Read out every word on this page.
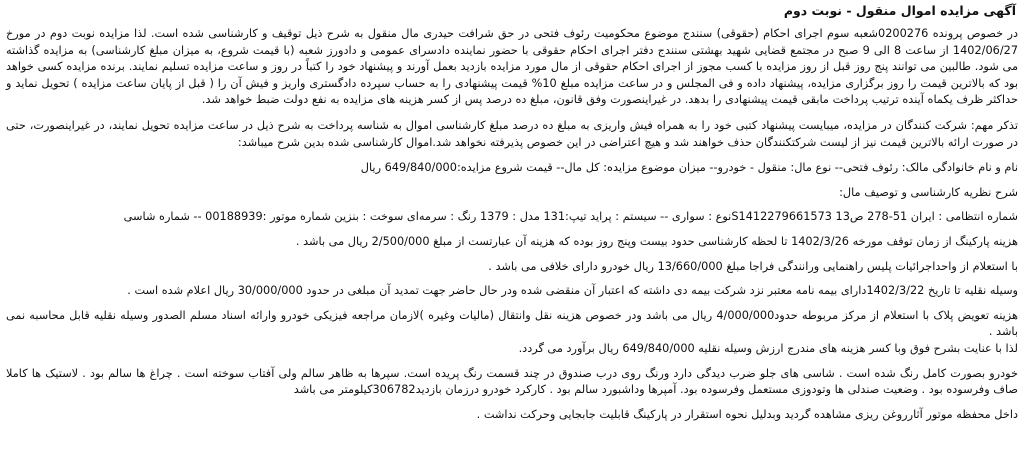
آگهی مزایده اموال منقول - نوبت دوم

در خصوص پرونده 0200276شعبه سوم اجرای احکام (حقوقی) سنندج موضوع محکومیت رئوف فتحی در حق شرافت حیدری مال منقول به شرح ذیل توقیف و کارشناسی شده است. لذا مزایده نوبت دوم در مورخ 1402/06/27 از ساعت 8 الی 9 صبح در مجتمع قضایی شهید بهشتی سنندج دفتر اجرای احکام حقوقی با حضور نماینده دادسرای عمومی و دادورز شعبه (با قیمت شروع، به میزان مبلغ کارشناسی) به مزایده گذاشته می شود. طالبین می توانند پنج روز قبل از روز مزایده با کسب مجوز از اجرای احکام حقوقی از مال مورد مزایده بازدید بعمل آورند و پیشنهاد خود را کتباً در روز و ساعت مزایده تسلیم نمایند. برنده مزایده کسی خواهد بود که بالاترین قیمت را روز برگزاری مزایده، پیشنهاد داده و فی المجلس و در ساعت مزایده مبلغ 10% قیمت پیشنهادی را به حساب سپرده دادگستری واریز و فیش آن را ( قبل از پایان ساعت مزایده ) تحویل نماید و حداکثر ظرف یکماه آینده ترتیب پرداخت مابقی قیمت پیشنهادی را بدهد. در غیراینصورت وفق قانون، مبلغ ده درصد پس از کسر هزینه های مزایده به نفع دولت ضبط خواهد شد.

تذکر مهم: شرکت کنندگان در مزایده، میبایست پیشنهاد کتبی خود را به همراه فیش واریزی به مبلغ ده درصد مبلغ کارشناسی اموال به شناسه پرداخت به شرح ذیل در ساعت مزایده تحویل نمایند، در غیراینصورت، حتی در صورت ارائه بالاترین قیمت نیز از لیست شرکتکنندگان حذف خواهند شد و هیچ اعتراضی در این خصوص پذیرفته نخواهد شد.اموال کارشناسی شده بدین شرح میباشد:

نام و نام خانوادگی مالک: رئوف فتحی-- نوع مال: منقول - خودرو-- میزان موضوع مزایده: کل مال-- قیمت شروع مزایده:649/840/000 ریال
شرح نظریه کارشناسی و توصیف مال:
شماره انتظامی : ایران 51-278 ص13 S1412279661573نوع : سواری -- سیستم : پراید تیپ:131 مدل : 1379 رنگ : سرمه‌ای سوخت : بنزین شماره موتور :00188939 -- شماره شاسی
هزینه پارکینگ از زمان توقف مورخه 1402/3/26 تا لحظه کارشناسی حدود بیست وپنج روز بوده که هزینه آن عبارتست از مبلغ 2/500/000 ریال می باشد .
با استعلام از واحداجرائیات پلیس راهنمایی ورانندگی فراجا مبلغ 13/660/000 ریال خودرو دارای خلافی می باشد .
وسیله نقلیه تا تاریخ 1402/3/22دارای بیمه نامه معتبر نزد شرکت بیمه دی داشته که اعتبار آن منقضی شده ودر حال حاضر جهت تمدید آن مبلغی در حدود 30/000/000 ریال اعلام شده است .
هزینه تعویض پلاک با استعلام از مرکز مربوطه حدود4/000/000 ریال می باشد ودر خصوص هزینه نقل وانتقال (مالیات وغیره )لازمان مراجعه فیزیکی خودرو وارائه اسناد مسلم الصدور وسیله نقلیه قابل محاسبه نمی باشد .
لذا با عنایت بشرح فوق وبا کسر هزینه های مندرج ارزش وسیله نقلیه 649/840/000 ریال برآورد می گردد.
خودرو بصورت کامل رنگ شده است . شاسی های جلو ضرب دیدگی دارد ورنگ روی درب صندوق در چند قسمت رنگ پریده است. سپرها به ظاهر سالم ولی آفتاب سوخته است . چراغ ها سالم بود . لاستیک ها کاملا صاف وفرسوده بود . وضعیت صندلی ها وتودوزی مستعمل وفرسوده بود. آمپرها وداشبورد سالم بود . کارکرد خودرو درزمان بازدید306782کیلومتر می باشد
داخل محفظه موتور آثارروغن ریزی مشاهده گردید وبدلیل نحوه استقرار در پارکینگ قابلیت جابجایی وحرکت نداشت .
